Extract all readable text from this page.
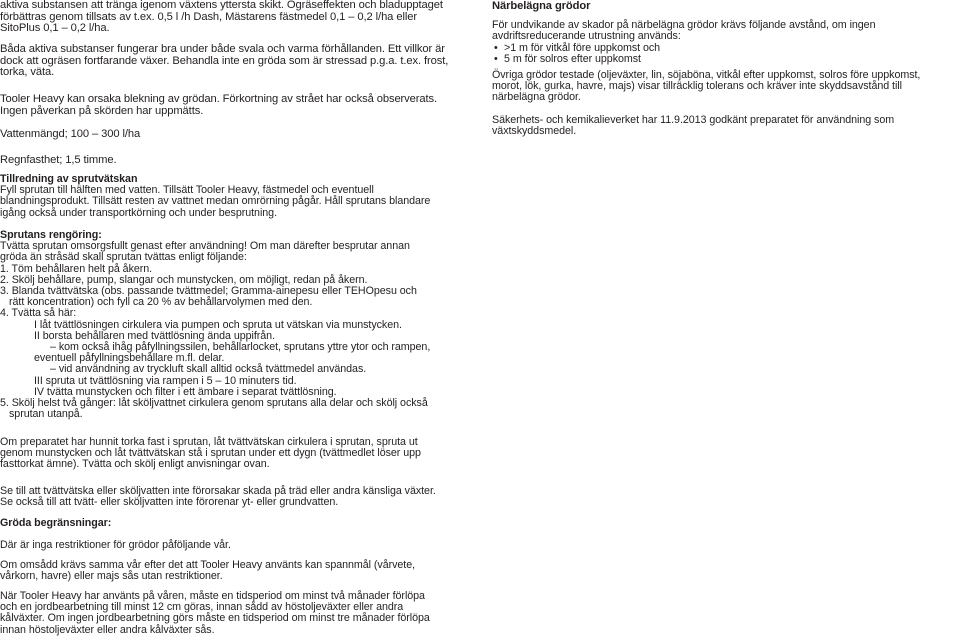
aktiva substansen att tränga igenom växtens yttersta skikt. Ogräseffekten och bladupptaget

förbättras genom tillsats av t.ex. 0,5 l /h Dash, Mästarens fästmedel 0,1 – 0,2 l/ha eller

SitoPlus 0,1 – 0,2 l/ha.

Båda aktiva substanser fungerar bra under både svala och varma förhållanden. Ett villkor är

dock att ogräsen fortfarande växer. Behandla inte en gröda som är stressad p.g.a. t.ex. frost,

torka, väta.

Tooler Heavy kan orsaka blekning av grödan. Förkortning av strået har också observerats.

Ingen påverkan på skörden har uppmätts.

Vattenmängd; 100 – 300 l/ha

Regnfasthet; 1,5 timme.

Tillredning av sprutvätskan

Fyll sprutan till hälften med vatten. Tillsätt Tooler Heavy, fästmedel och eventuell

blandningsprodukt. Tillsätt resten av vattnet medan omrörning pågår. Håll sprutans blandare

igång också under transportkörning och under besprutning.

Sprutans rengöring:

Tvätta sprutan omsorgsfullt genast efter användning! Om man därefter besprutar annan

gröda än stråsäd skall sprutan tvättas enligt följande:

1. Töm behållaren helt på åkern.

2. Skölj behållare, pump, slangar och munstycken, om möjligt, redan på åkern.

3. Blanda tvättvätska (obs. passande tvättmedel; Gramma-ainepesu eller TEHOpesu och

rätt koncentration) och fyll ca 20 % av behållarvolymen med den.

4. Tvätta så här:

I låt tvättlösningen cirkulera via pumpen och spruta ut vätskan via munstycken.

II borsta behållaren med tvättlösning ända uppifrån.

– kom också ihåg påfyllningssilen, behållarlocket, sprutans yttre ytor och rampen,

eventuell påfyllningsbehållare m.fl. delar.

– vid användning av tryckluft skall alltid också tvättmedel användas.

III spruta ut tvättlösning via rampen i 5 – 10 minuters tid.

IV tvätta munstycken och filter i ett ämbare i separat tvättlösning.

5. Skölj helst två gånger: låt sköljvattnet cirkulera genom sprutans alla delar och skölj också

sprutan utanpå.

Om preparatet har hunnit torka fast i sprutan, låt tvättvätskan cirkulera i sprutan, spruta ut

genom munstycken och låt tvättvätskan stå i sprutan under ett dygn (tvättmedlet löser upp

fasttorkat ämne). Tvätta och skölj enligt anvisningar ovan.

Se till att tvättvätska eller sköljvatten inte förorsakar skada på träd eller andra känsliga växter.

Se också till att tvätt- eller sköljvatten inte förorenar yt- eller grundvatten.

Gröda begränsningar:

Där är inga restriktioner för grödor påföljande vår.

Om omsådd krävs samma vår efter det att Tooler Heavy använts kan spannmål (vårvete,

vårkorn, havre) eller majs sås utan restriktioner.

När Tooler Heavy har använts på våren, måste en tidsperiod om minst två månader förlöpa

och en jordbearbetning till minst 12 cm göras, innan sådd av höstoljeväxter eller andra

kålväxter. Om ingen jordbearbetning görs måste en tidsperiod om minst tre månader förlöpa

innan höstoljeväxter eller andra kålväxter sås.

Närbelägna grödor

För undvikande av skador på närbelägna grödor krävs följande avstånd, om ingen

avdriftsreducerande utrustning används:

• >1 m för vitkål före uppkomst och
• 5 m för solros efter uppkomst

Övriga grödor testade (oljeväxter, lin, söjaböna, vitkål efter uppkomst, solros före uppkomst,

morot, lök, gurka, havre, majs) visar tillräcklig tolerans och kräver inte skyddsavstånd till

närbelägna grödor.

Säkerhets- och kemikalieverket har 11.9.2013 godkänt preparatet för användning som

växtskyddsmedel.
